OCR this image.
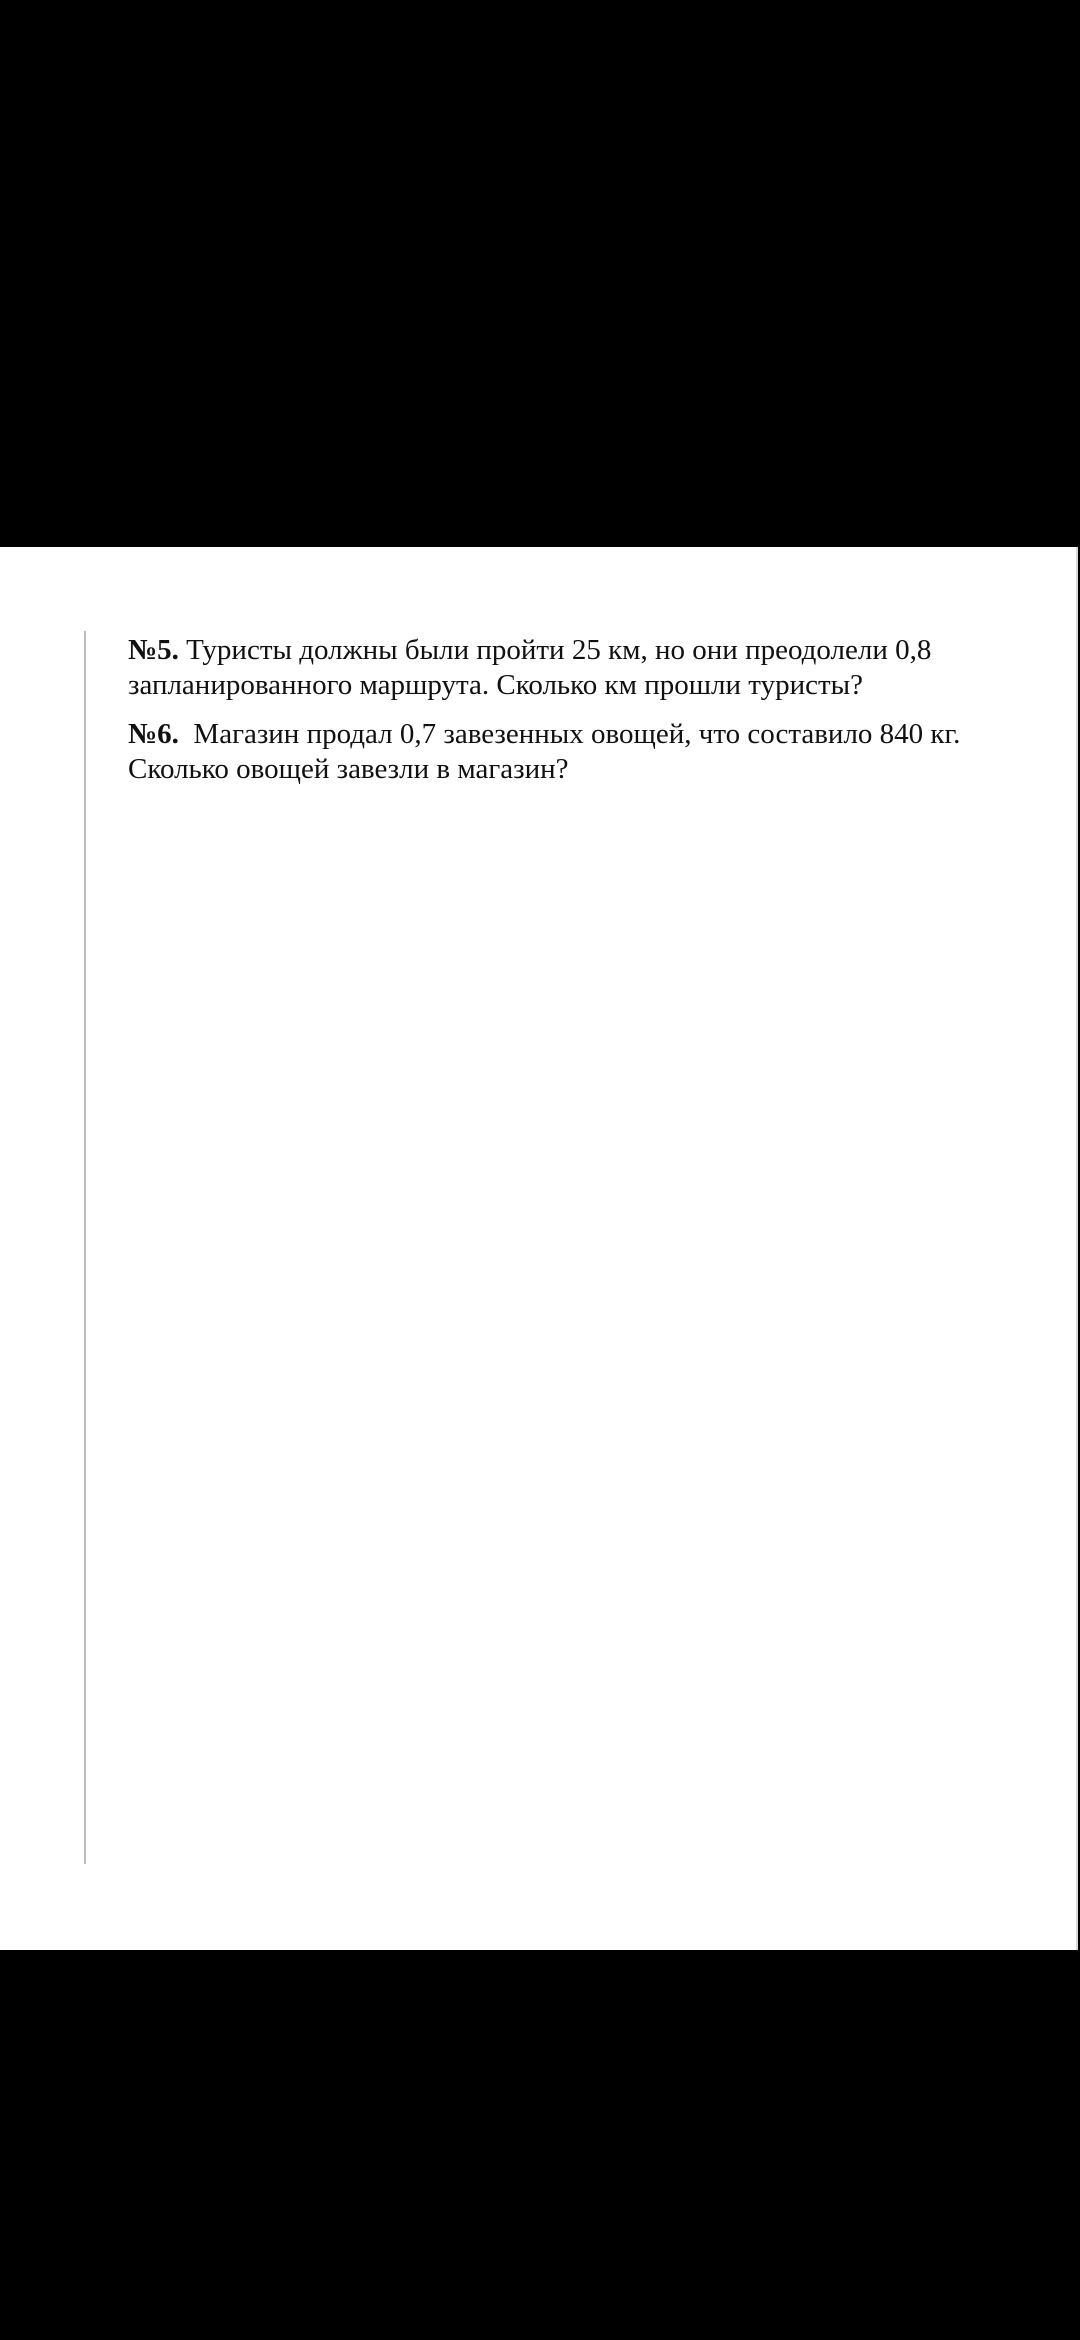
№5. Туристы должны были пройти 25 км, но они преодолели 0,8 запланированного маршрута. Сколько км прошли туристы?

№6. Магазин продал 0,7 завезенных овощей, что составило 840 кг. Сколько овощей завезли в магазин?
